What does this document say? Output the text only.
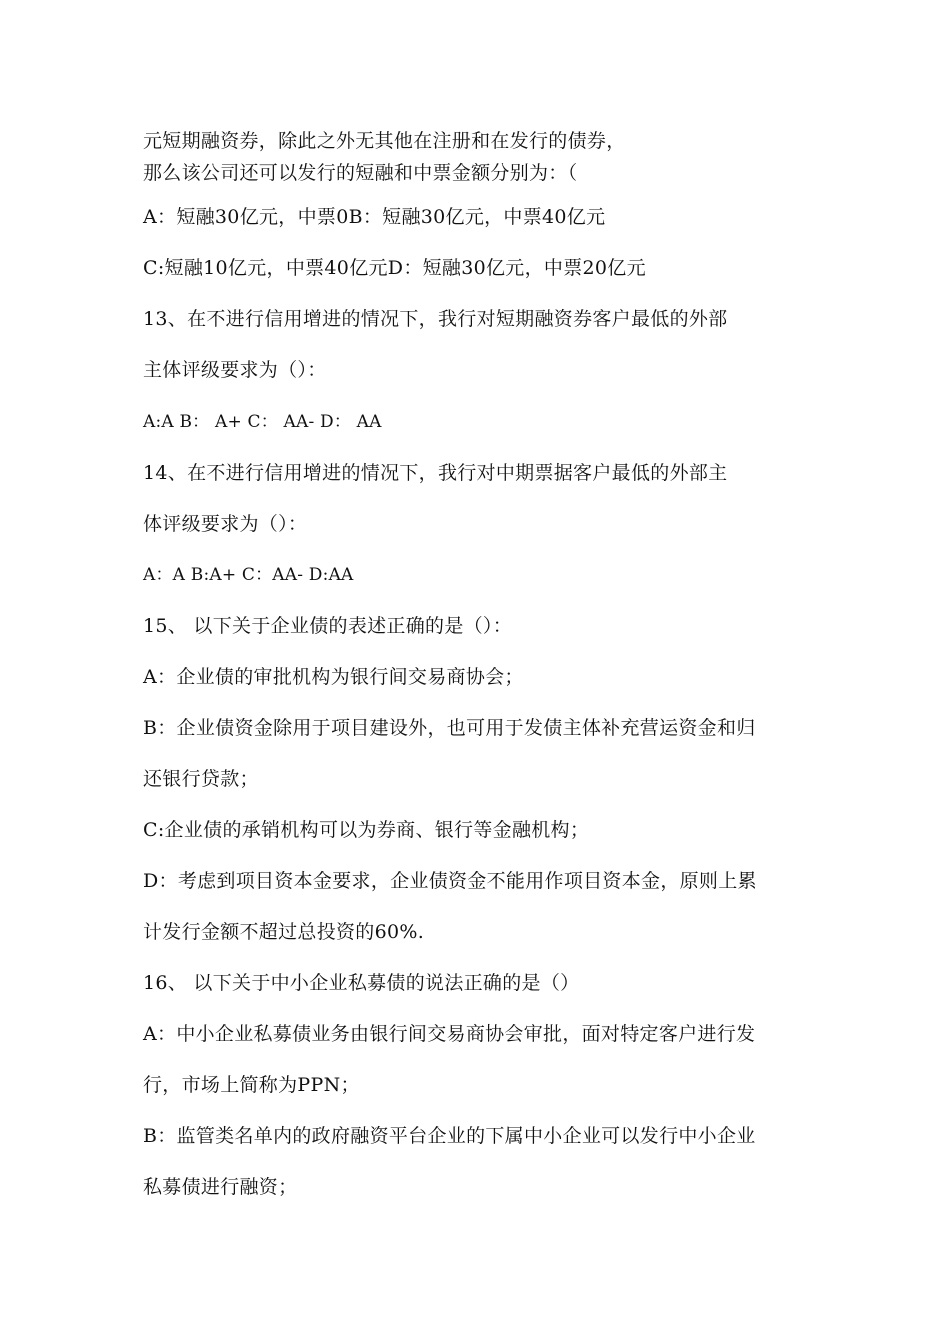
元短期融资券，除此之外无其他在注册和在发行的债券，
那么该公司还可以发行的短融和中票金额分别为：（
A：短融30亿元，中票0B：短融30亿元，中票40亿元
C:短融10亿元，中票40亿元D：短融30亿元，中票20亿元
13、在不进行信用增进的情况下，我行对短期融资券客户最低的外部
主体评级要求为（）：
A:A B： A+ C： AA- D： AA
14、在不进行信用增进的情况下，我行对中期票据客户最低的外部主
体评级要求为（）：
A：A B:A+ C：AA- D:AA
15、 以下关于企业债的表述正确的是（）：
A：企业债的审批机构为银行间交易商协会；
B：企业债资金除用于项目建设外，也可用于发债主体补充营运资金和归
还银行贷款；
C:企业债的承销机构可以为券商、银行等金融机构；
D：考虑到项目资本金要求，企业债资金不能用作项目资本金，原则上累
计发行金额不超过总投资的60%.
16、 以下关于中小企业私募债的说法正确的是（）
A：中小企业私募债业务由银行间交易商协会审批，面对特定客户进行发
行，市场上简称为PPN；
B：监管类名单内的政府融资平台企业的下属中小企业可以发行中小企业
私募债进行融资；
